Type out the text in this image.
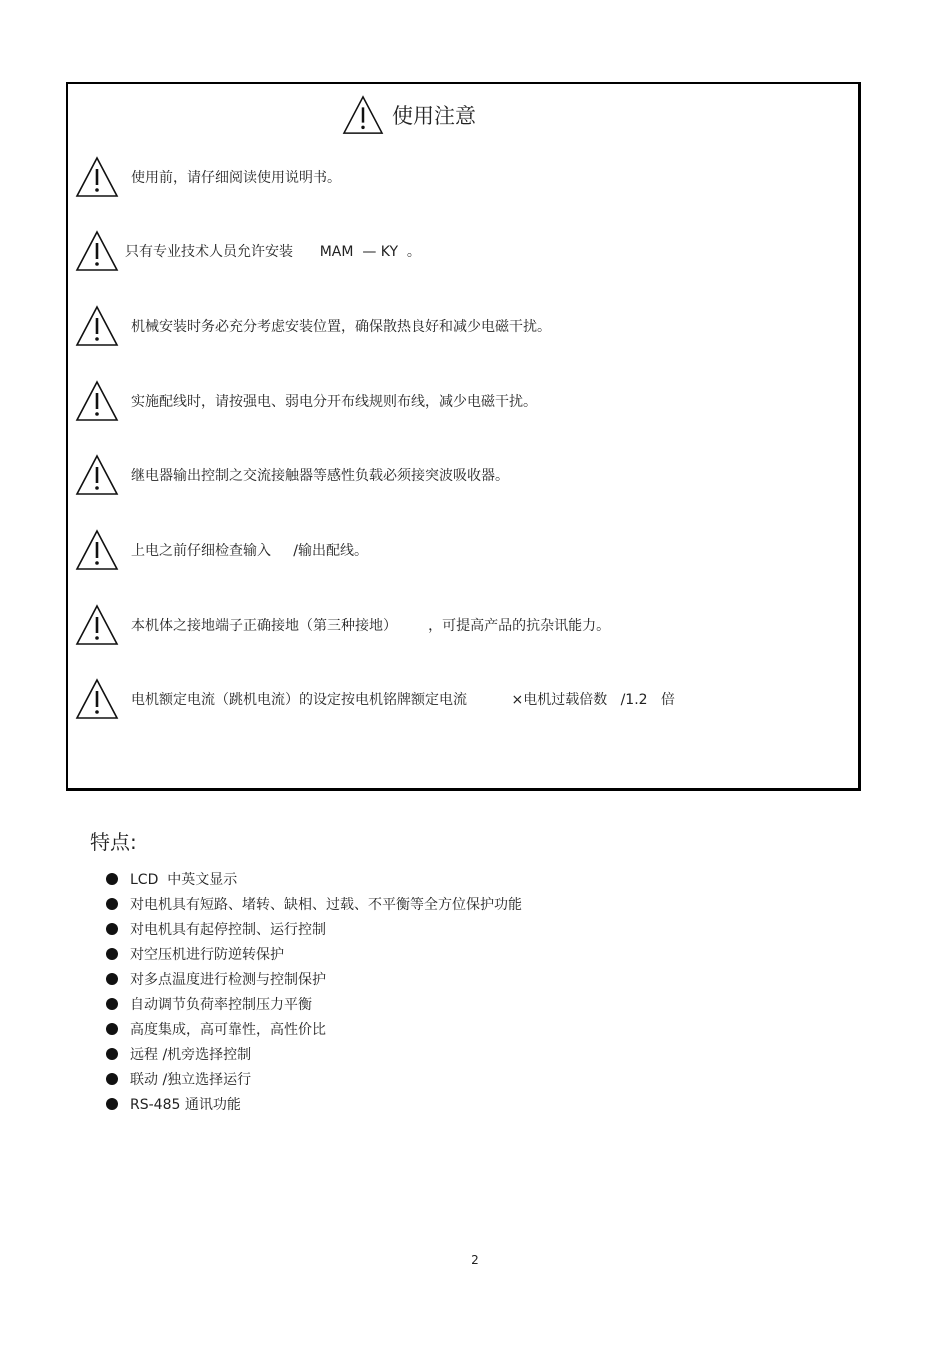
使用注意
使用前，请仔细阅读使用说明书。
只有专业技术人员允许安装      MAM  — KY  。
机械安装时务必充分考虑安装位置，确保散热良好和减少电磁干扰。
实施配线时，请按强电、弱电分开布线规则布线，减少电磁干扰。
继电器输出控制之交流接触器等感性负载必须接突波吸收器。
上电之前仔细检查输入     /输出配线。
本机体之接地端子正确接地（第三种接地）       ，可提高产品的抗杂讯能力。
电机额定电流（跳机电流）的设定按电机铭牌额定电流          ×电机过载倍数   /1.2   倍
特点:
LCD  中英文显示
对电机具有短路、堵转、缺相、过载、不平衡等全方位保护功能
对电机具有起停控制、运行控制
对空压机进行防逆转保护
对多点温度进行检测与控制保护
自动调节负荷率控制压力平衡
高度集成，高可靠性，高性价比
远程 /机旁选择控制
联动 /独立选择运行
RS-485 通讯功能
2
